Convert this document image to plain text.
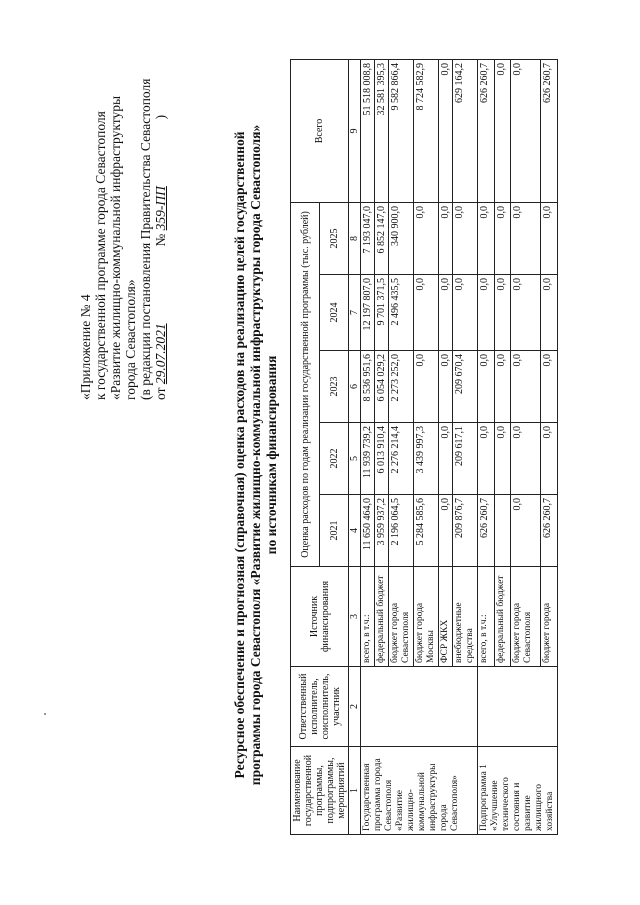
«Приложение № 4 к государственной программе города Севастополя «Развитие жилищно-коммунальной инфраструктуры города Севастополя» (в редакции постановления Правительства Севастополя от 29.07.2021  № 359-ПП  )
Ресурсное обеспечение и прогнозная (справочная) оценка расходов на реализацию целей государственной программы города Севастополя «Развитие жилищно-коммунальной инфраструктуры города Севастополя» по источникам финансирования
Наименование государственной программы, подпрограммы, мероприятий	Ответственный исполнитель, соисполнитель, участник	Источник финансирования	Оценка расходов по годам реализации государственной программы (тыс. рублей)					Всего
			2021	2022	2023	2024	2025	
1	2	3	4	5	6	7	8	9
Государственная программа города Севастополя «Развитие жилищно-коммунальной инфраструктуры города Севастополя»		всего, в т.ч.:	11 650 464,0	11 939 739,2	8 536 951,6	12 197 807,0	7 193 047,0	51 518 008,8
		федеральный бюджет	3 959 937,2	6 013 910,4	6 054 029,2	9 701 371,5	6 852 147,0	32 581 395,3
		бюджет города Севастополя	2 196 064,5	2 276 214,4	2 273 252,0	2 496 435,5	340 900,0	9 582 866,4
		бюджет города Москвы	5 284 585,6	3 439 997,3	0,0	0,0	0,0	8 724 582,9
		ФСР ЖКХ	0,0	0,0	0,0	0,0	0,0	0,0
		внебюджетные средства	209 876,7	209 617,1	209 670,4	0,0	0,0	629 164,2
Подпрограмма 1 «Улучшение технического состояния и развитие жилищного хозяйства		всего, в т.ч.:	626 260,7	0,0	0,0	0,0	0,0	626 260,7
		федеральный бюджет		0,0	0,0	0,0	0,0	0,0
		бюджет города Севастополя	0,0	0,0	0,0	0,0	0,0	0,0
		бюджет города	626 260,7	0,0	0,0	0,0	0,0	626 260,7
